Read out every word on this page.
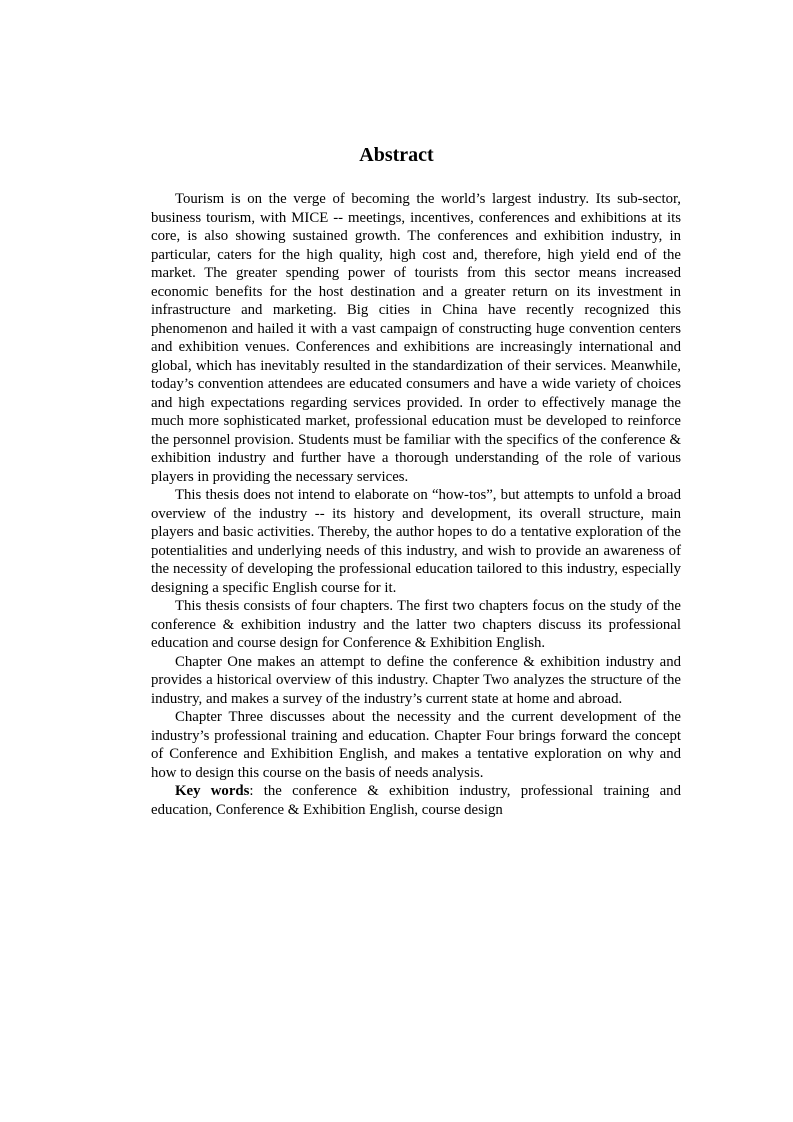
Abstract

Tourism is on the verge of becoming the world’s largest industry. Its sub-sector, business tourism, with MICE -- meetings, incentives, conferences and exhibitions at its core, is also showing sustained growth. The conferences and exhibition industry, in particular, caters for the high quality, high cost and, therefore, high yield end of the market. The greater spending power of tourists from this sector means increased economic benefits for the host destination and a greater return on its investment in infrastructure and marketing. Big cities in China have recently recognized this phenomenon and hailed it with a vast campaign of constructing huge convention centers and exhibition venues. Conferences and exhibitions are increasingly international and global, which has inevitably resulted in the standardization of their services. Meanwhile, today’s convention attendees are educated consumers and have a wide variety of choices and high expectations regarding services provided. In order to effectively manage the much more sophisticated market, professional education must be developed to reinforce the personnel provision. Students must be familiar with the specifics of the conference & exhibition industry and further have a thorough understanding of the role of various players in providing the necessary services.

This thesis does not intend to elaborate on “how-tos”, but attempts to unfold a broad overview of the industry -- its history and development, its overall structure, main players and basic activities. Thereby, the author hopes to do a tentative exploration of the potentialities and underlying needs of this industry, and wish to provide an awareness of the necessity of developing the professional education tailored to this industry, especially designing a specific English course for it.

This thesis consists of four chapters. The first two chapters focus on the study of the conference & exhibition industry and the latter two chapters discuss its professional education and course design for Conference & Exhibition English.

Chapter One makes an attempt to define the conference & exhibition industry and provides a historical overview of this industry. Chapter Two analyzes the structure of the industry, and makes a survey of the industry’s current state at home and abroad.

Chapter Three discusses about the necessity and the current development of the industry’s professional training and education. Chapter Four brings forward the concept of Conference and Exhibition English, and makes a tentative exploration on why and how to design this course on the basis of needs analysis.

Key words: the conference & exhibition industry, professional training and education, Conference & Exhibition English, course design
